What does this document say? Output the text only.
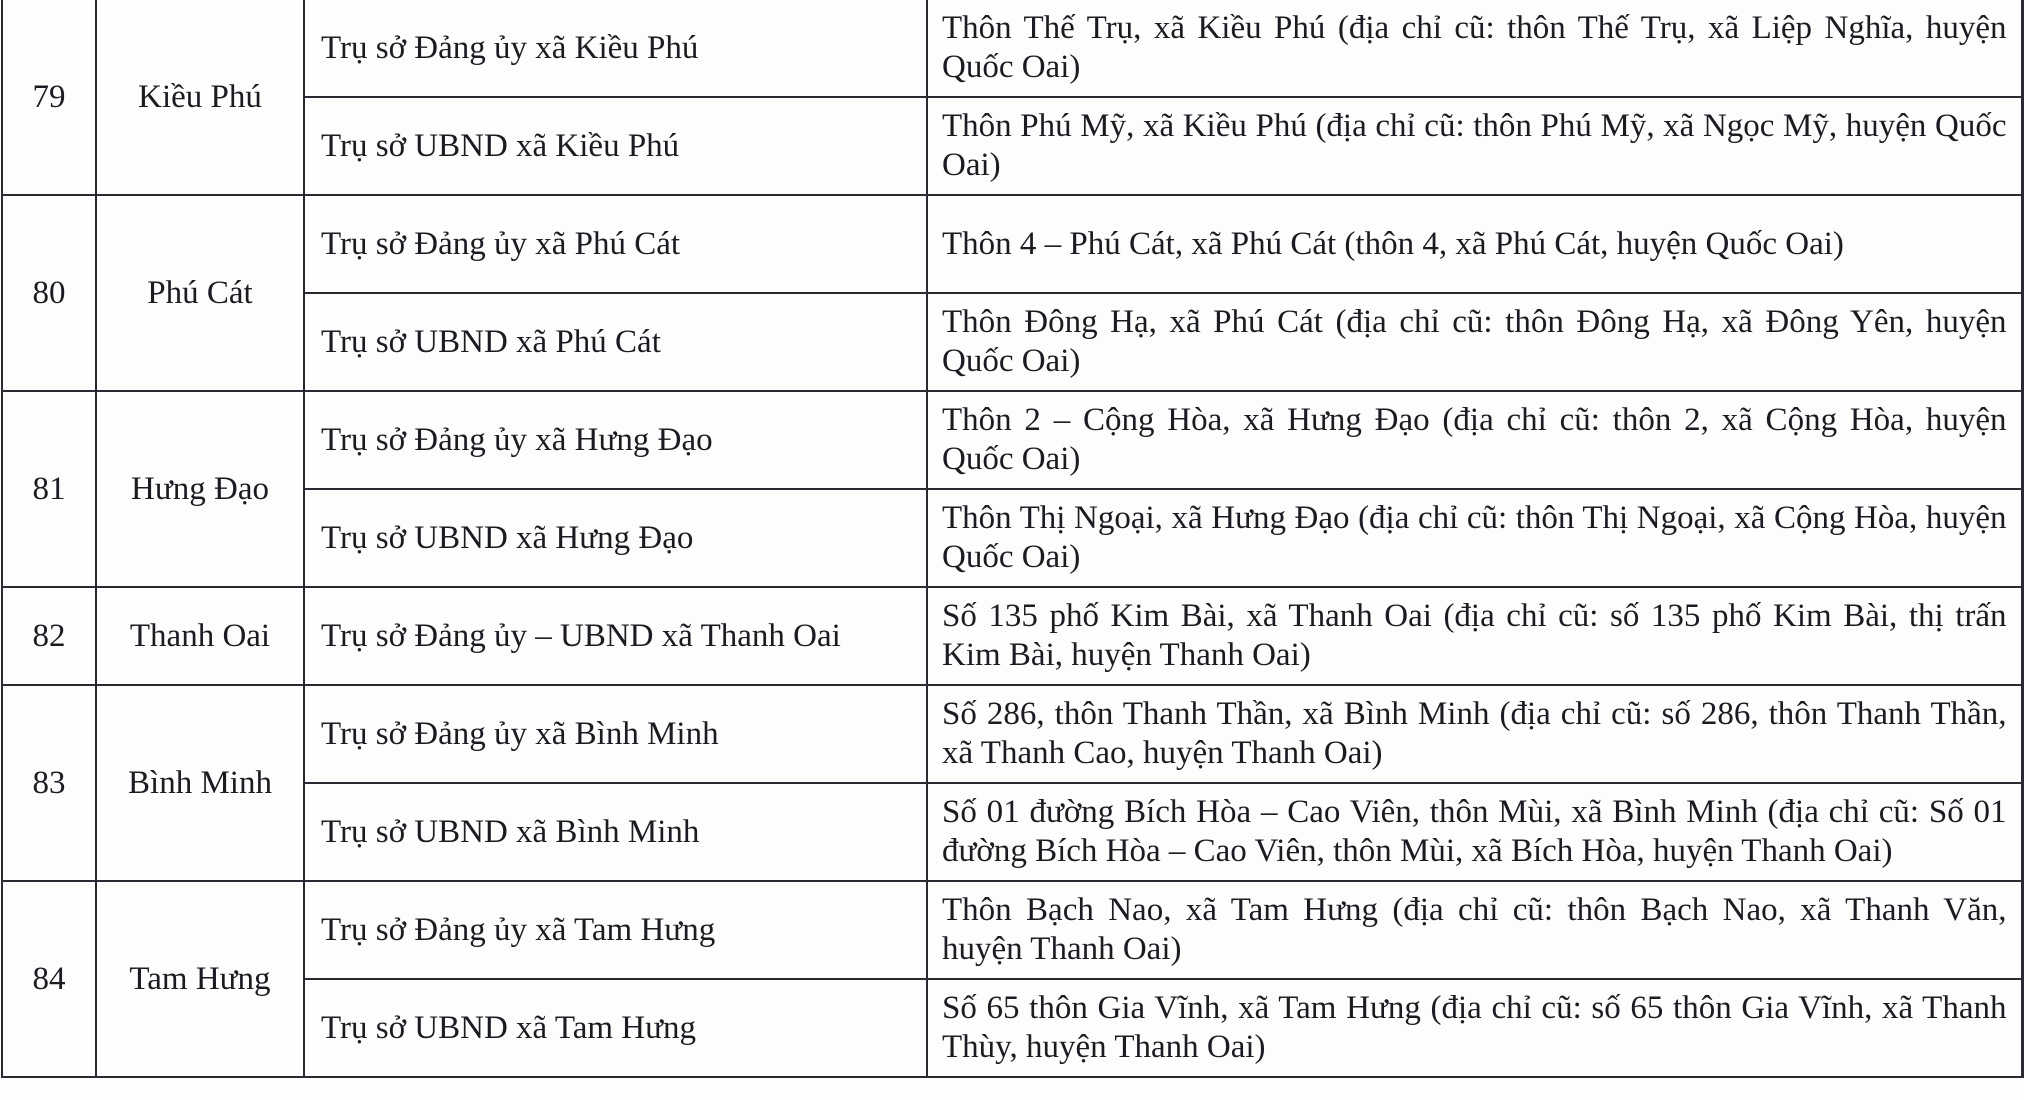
79	Kiều Phú	Trụ sở Đảng ủy xã Kiều Phú	Thôn Thế Trụ, xã Kiều Phú (địa chỉ cũ: thôn Thế Trụ, xã Liệp Nghĩa, huyện Quốc Oai)
		Trụ sở UBND xã Kiều Phú	Thôn Phú Mỹ, xã Kiều Phú (địa chỉ cũ: thôn Phú Mỹ, xã Ngọc Mỹ, huyện Quốc Oai)
80	Phú Cát	Trụ sở Đảng ủy xã Phú Cát	Thôn 4 – Phú Cát, xã Phú Cát (thôn 4, xã Phú Cát, huyện Quốc Oai)
		Trụ sở UBND xã Phú Cát	Thôn Đông Hạ, xã Phú Cát (địa chỉ cũ: thôn Đông Hạ, xã Đông Yên, huyện Quốc Oai)
81	Hưng Đạo	Trụ sở Đảng ủy xã Hưng Đạo	Thôn 2 – Cộng Hòa, xã Hưng Đạo (địa chỉ cũ: thôn 2, xã Cộng Hòa, huyện Quốc Oai)
		Trụ sở UBND xã Hưng Đạo	Thôn Thị Ngoại, xã Hưng Đạo (địa chỉ cũ: thôn Thị Ngoại, xã Cộng Hòa, huyện Quốc Oai)
82	Thanh Oai	Trụ sở Đảng ủy – UBND xã Thanh Oai	Số 135 phố Kim Bài, xã Thanh Oai (địa chỉ cũ: số 135 phố Kim Bài, thị trấn Kim Bài, huyện Thanh Oai)
83	Bình Minh	Trụ sở Đảng ủy xã Bình Minh	Số 286, thôn Thanh Thần, xã Bình Minh (địa chỉ cũ: số 286, thôn Thanh Thần, xã Thanh Cao, huyện Thanh Oai)
		Trụ sở UBND xã Bình Minh	Số 01 đường Bích Hòa – Cao Viên, thôn Mùi, xã Bình Minh (địa chỉ cũ: Số 01 đường Bích Hòa – Cao Viên, thôn Mùi, xã Bích Hòa, huyện Thanh Oai)
84	Tam Hưng	Trụ sở Đảng ủy xã Tam Hưng	Thôn Bạch Nao, xã Tam Hưng (địa chỉ cũ: thôn Bạch Nao, xã Thanh Văn, huyện Thanh Oai)
		Trụ sở UBND xã Tam Hưng	Số 65 thôn Gia Vĩnh, xã Tam Hưng (địa chỉ cũ: số 65 thôn Gia Vĩnh, xã Thanh Thùy, huyện Thanh Oai)
